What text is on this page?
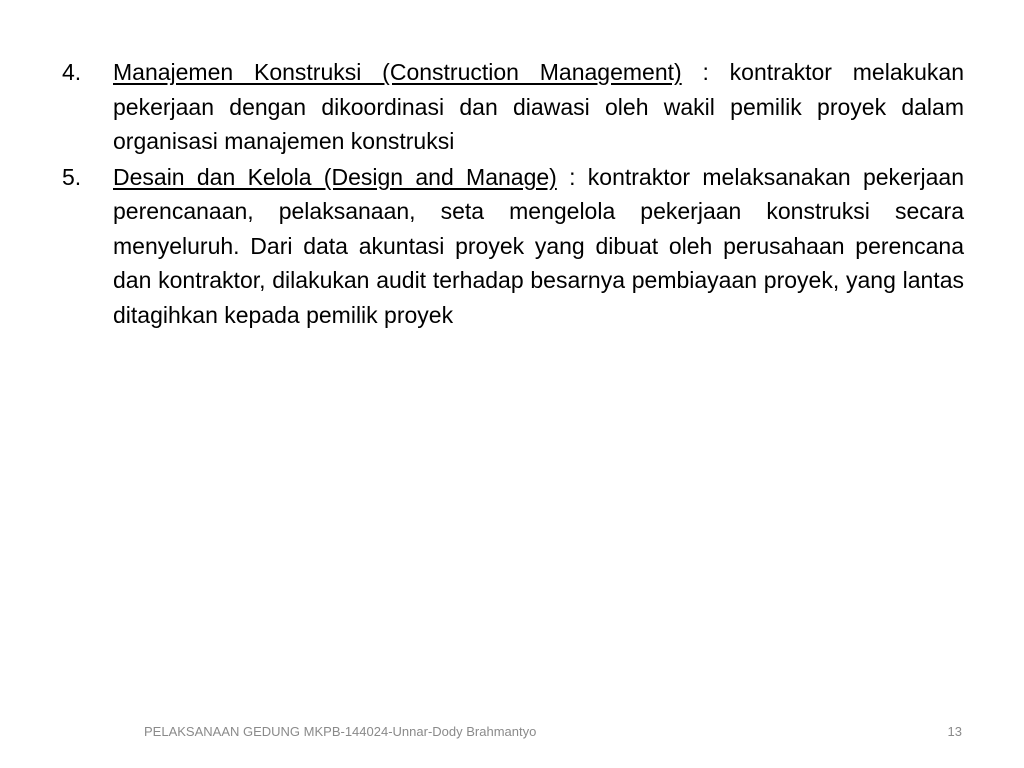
4.	Manajemen Konstruksi (Construction Management) : kontraktor melakukan pekerjaan dengan dikoordinasi dan diawasi oleh wakil pemilik proyek dalam organisasi manajemen konstruksi
5.	Desain dan Kelola (Design and Manage) : kontraktor melaksanakan pekerjaan perencanaan, pelaksanaan, seta mengelola pekerjaan konstruksi secara menyeluruh. Dari data akuntasi proyek yang dibuat oleh perusahaan perencana dan kontraktor, dilakukan audit terhadap besarnya pembiayaan proyek, yang lantas ditagihkan kepada pemilik proyek
PELAKSANAAN GEDUNG MKPB-144024-Unnar-Dody Brahmantyo	13
